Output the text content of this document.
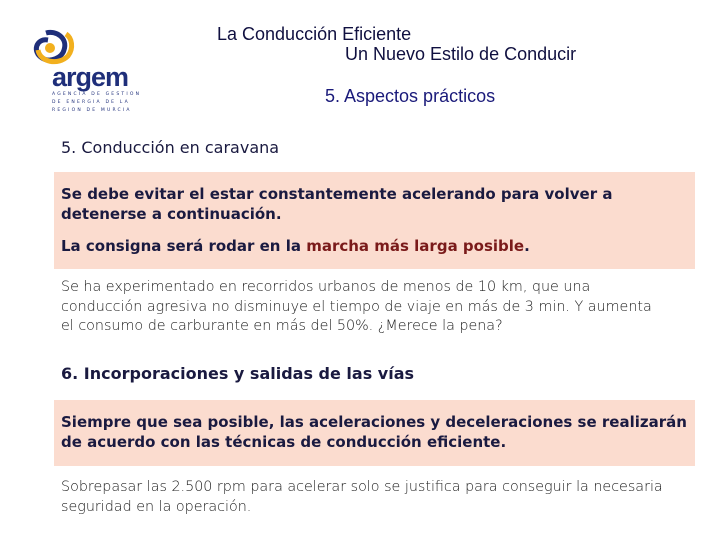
argem
AGENCIA DE GESTION
DE ENERGIA DE LA
REGION DE MURCIA
La Conducción Eficiente
Un Nuevo Estilo de Conducir
5. Aspectos prácticos
5. Conducción en caravana
Se debe evitar el estar constantemente acelerando para volver a detenerse a continuación.
La consigna será rodar en la marcha más larga posible.
Se ha experimentado en recorridos urbanos de menos de 10 km, que una
conducción agresiva no disminuye el tiempo de viaje en más de 3 min. Y aumenta
el consumo de carburante en más del 50%. ¿Merece la pena?
6. Incorporaciones y salidas de las vías
Siempre que sea posible, las aceleraciones y deceleraciones se realizarán
de acuerdo con las técnicas de conducción eficiente.
Sobrepasar las 2.500 rpm para acelerar solo se justifica para conseguir la necesaria
seguridad en la operación.
